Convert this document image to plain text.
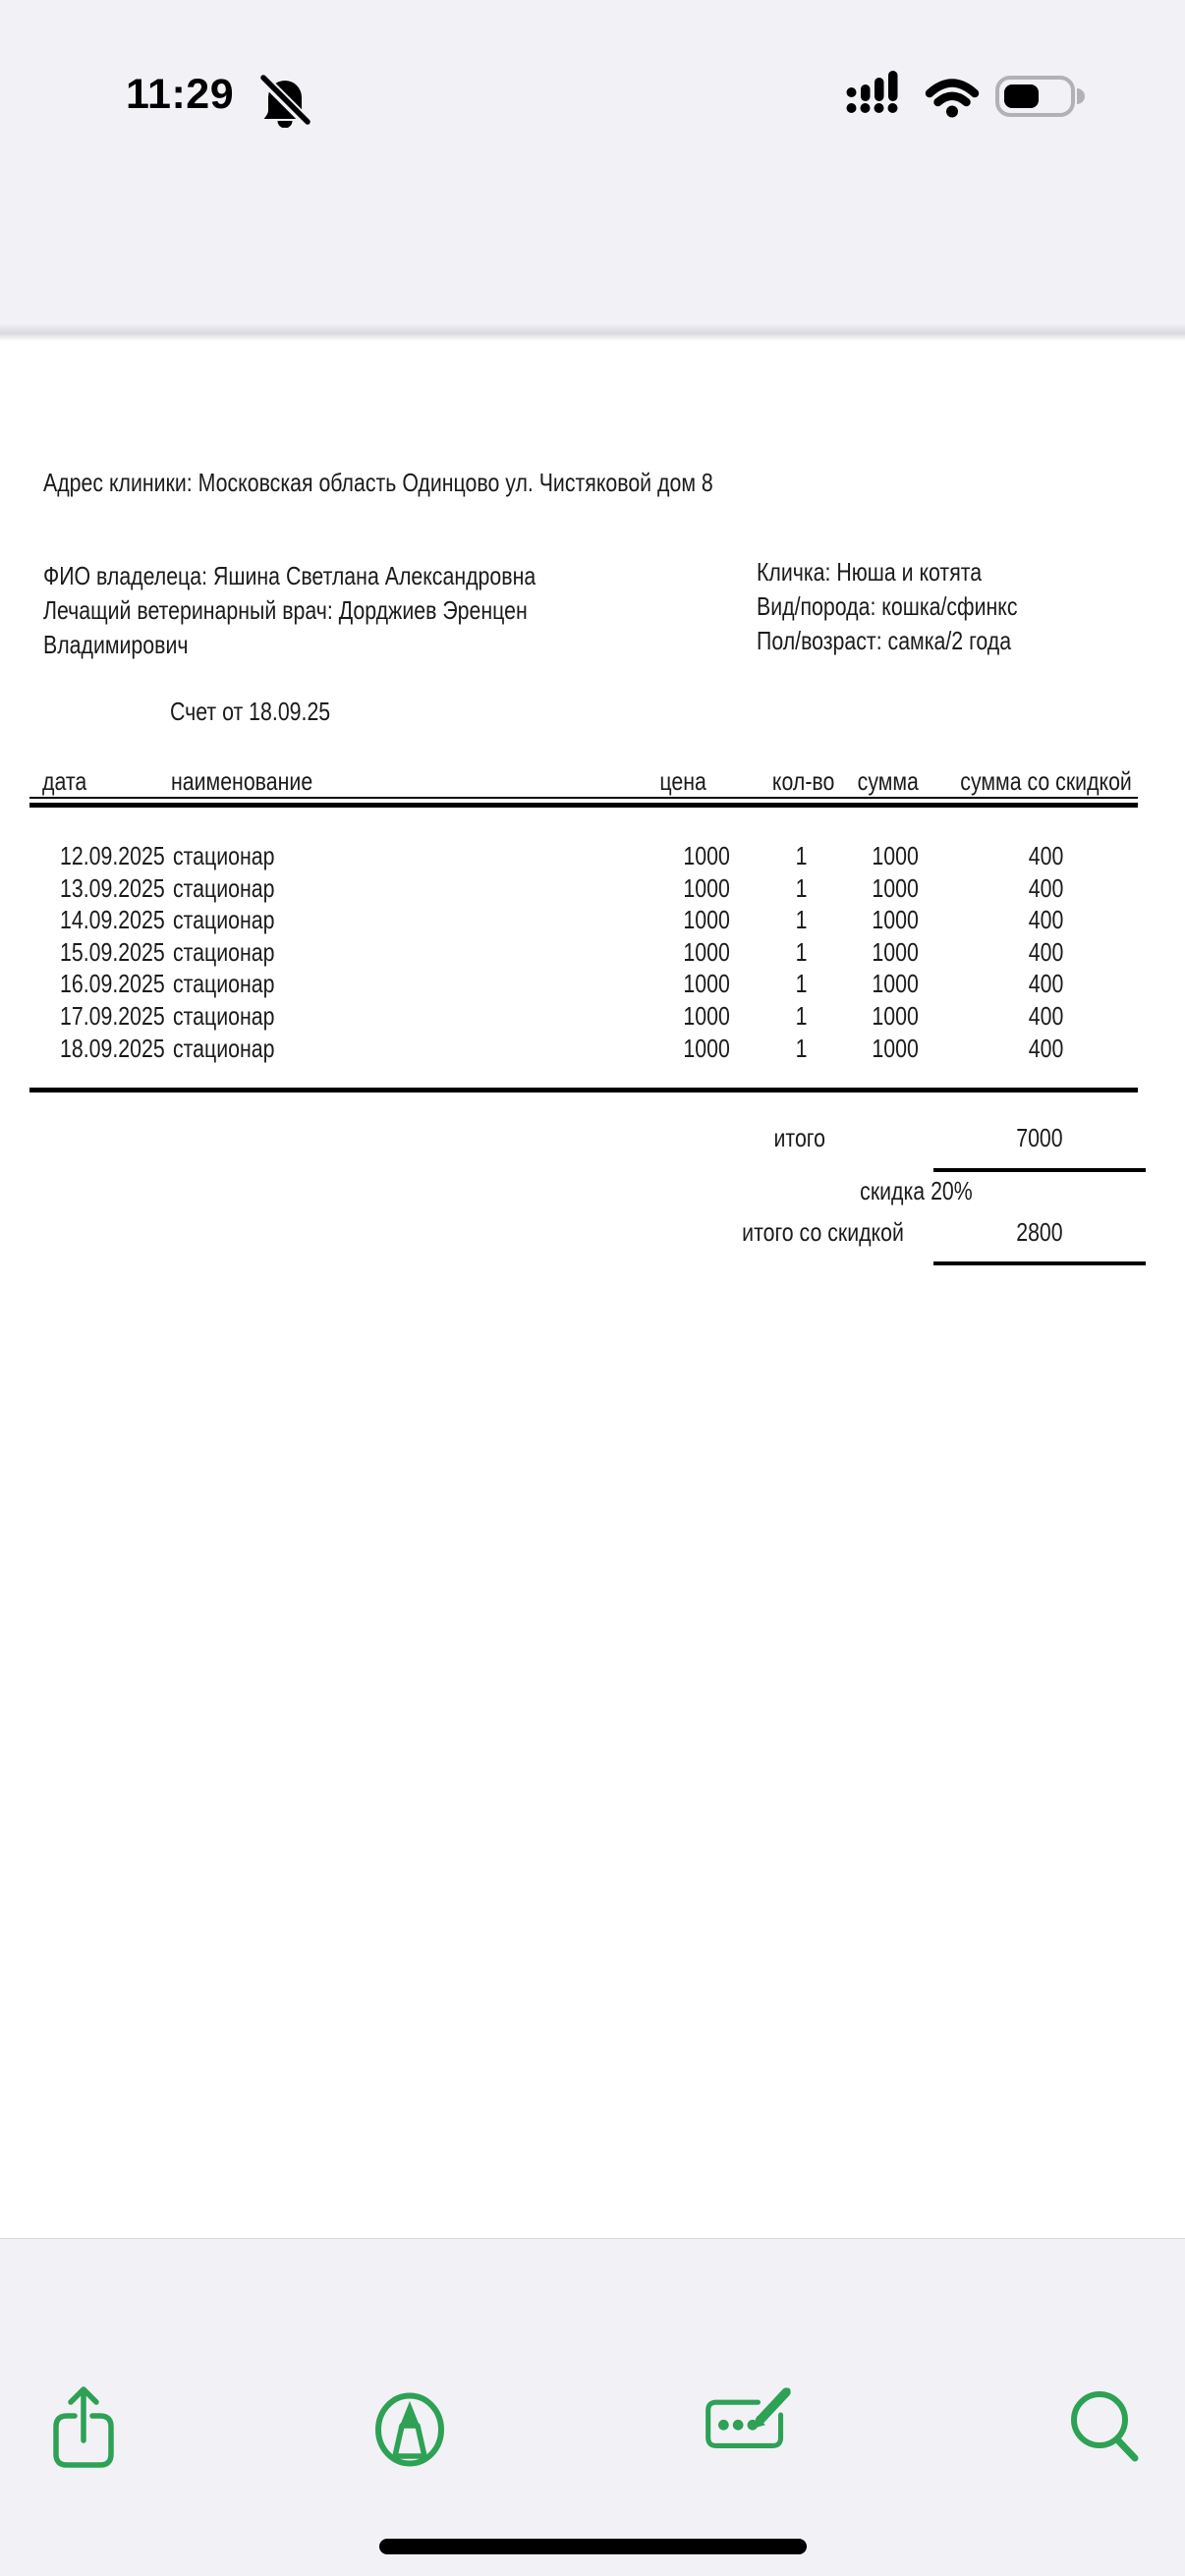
11:29
Адрес клиники: Московская область Одинцово ул. Чистяковой дом 8
ФИО владелеца: Яшина Светлана Александровна
Лечащий ветеринарный врач: Дорджиев Эренцен
Владимирович
Кличка: Нюша и котята
Вид/порода: кошка/сфинкс
Пол/возраст: самка/2 года
Счет от 18.09.25
дата	наименование	цена	кол-во сумма	сумма со скидкой
12.09.2025 стационар	1000	1	1000	400
13.09.2025 стационар	1000	1	1000	400
14.09.2025 стационар	1000	1	1000	400
15.09.2025 стационар	1000	1	1000	400
16.09.2025 стационар	1000	1	1000	400
17.09.2025 стационар	1000	1	1000	400
18.09.2025 стационар	1000	1	1000	400
итого	7000
скидка 20%
итого со скидкой	2800
